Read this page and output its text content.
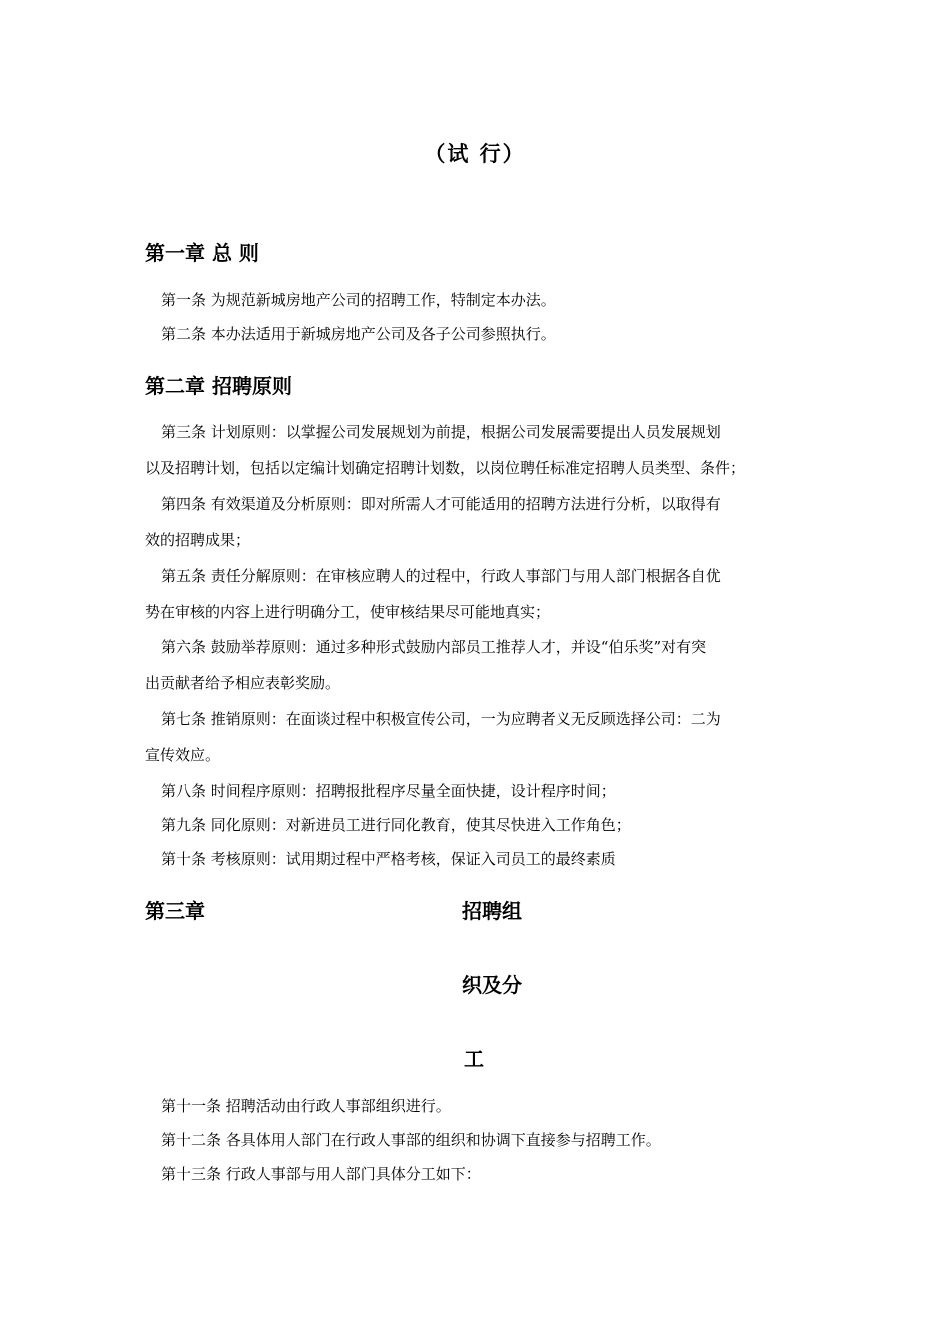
（试 行）
第一章 总 则
第一条 为规范新城房地产公司的招聘工作，特制定本办法。
第二条 本办法适用于新城房地产公司及各子公司参照执行。
第二章 招聘原则
第三条 计划原则：以掌握公司发展规划为前提，根据公司发展需要提出人员发展规划
以及招聘计划，包括以定编计划确定招聘计划数，以岗位聘任标准定招聘人员类型、条件；
第四条 有效渠道及分析原则：即对所需人才可能适用的招聘方法进行分析，以取得有
效的招聘成果；
第五条 责任分解原则：在审核应聘人的过程中，行政人事部门与用人部门根据各自优
势在审核的内容上进行明确分工，使审核结果尽可能地真实；
第六条 鼓励举荐原则：通过多种形式鼓励内部员工推荐人才，并设“伯乐奖”对有突
出贡献者给予相应表彰奖励。
第七条 推销原则：在面谈过程中积极宣传公司，一为应聘者义无反顾选择公司：二为
宣传效应。
第八条 时间程序原则：招聘报批程序尽量全面快捷，设计程序时间；
第九条 同化原则：对新进员工进行同化教育，使其尽快进入工作角色；
第十条 考核原则：试用期过程中严格考核，保证入司员工的最终素质
第三章	招聘组
织及分
工
第十一条 招聘活动由行政人事部组织进行。
第十二条 各具体用人部门在行政人事部的组织和协调下直接参与招聘工作。
第十三条 行政人事部与用人部门具体分工如下：
